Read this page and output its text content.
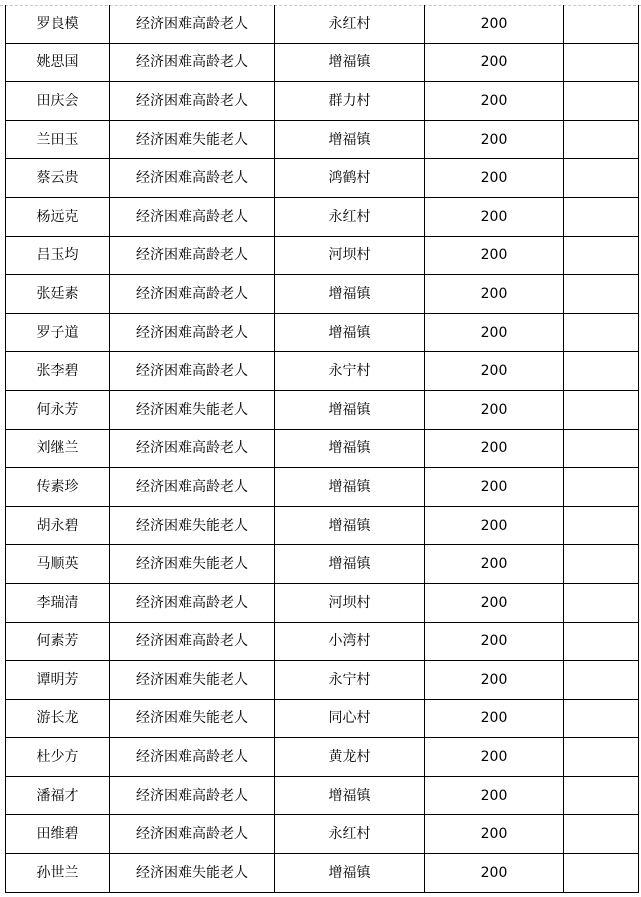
罗良模	经济困难高龄老人	永红村	200	
姚思国	经济困难高龄老人	增福镇	200	
田庆会	经济困难高龄老人	群力村	200	
兰田玉	经济困难失能老人	增福镇	200	
蔡云贵	经济困难高龄老人	鸿鹤村	200	
杨远克	经济困难高龄老人	永红村	200	
吕玉均	经济困难高龄老人	河坝村	200	
张廷素	经济困难高龄老人	增福镇	200	
罗子道	经济困难高龄老人	增福镇	200	
张李碧	经济困难高龄老人	永宁村	200	
何永芳	经济困难失能老人	增福镇	200	
刘继兰	经济困难高龄老人	增福镇	200	
传素珍	经济困难高龄老人	增福镇	200	
胡永碧	经济困难失能老人	增福镇	200	
马顺英	经济困难失能老人	增福镇	200	
李瑞清	经济困难高龄老人	河坝村	200	
何素芳	经济困难高龄老人	小湾村	200	
谭明芳	经济困难失能老人	永宁村	200	
游长龙	经济困难失能老人	同心村	200	
杜少方	经济困难高龄老人	黄龙村	200	
潘福才	经济困难高龄老人	增福镇	200	
田维碧	经济困难高龄老人	永红村	200	
孙世兰	经济困难失能老人	增福镇	200	
